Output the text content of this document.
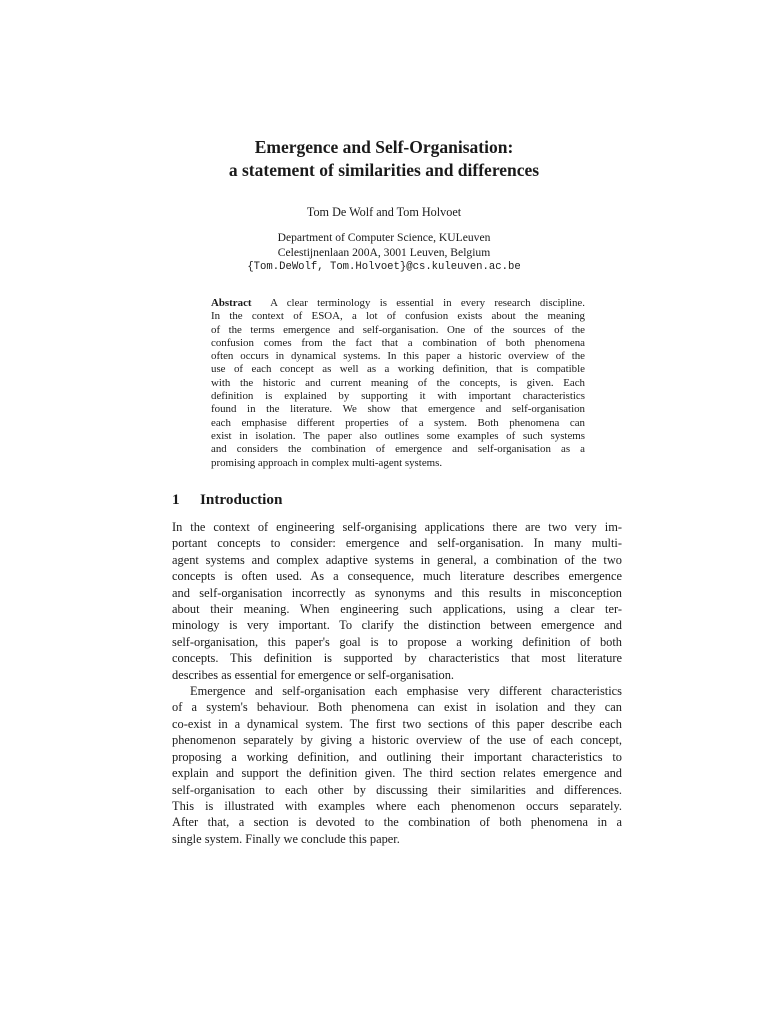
Emergence and Self-Organisation:
a statement of similarities and differences
Tom De Wolf and Tom Holvoet
Department of Computer Science, KULeuven
Celestijnenlaan 200A, 3001 Leuven, Belgium
{Tom.DeWolf, Tom.Holvoet}@cs.kuleuven.ac.be
Abstract A clear terminology is essential in every research discipline.
In the context of ESOA, a lot of confusion exists about the meaning
of the terms emergence and self-organisation. One of the sources of the
confusion comes from the fact that a combination of both phenomena
often occurs in dynamical systems. In this paper a historic overview of the
use of each concept as well as a working definition, that is compatible
with the historic and current meaning of the concepts, is given. Each
definition is explained by supporting it with important characteristics
found in the literature. We show that emergence and self-organisation
each emphasise different properties of a system. Both phenomena can
exist in isolation. The paper also outlines some examples of such systems
and considers the combination of emergence and self-organisation as a
promising approach in complex multi-agent systems.
1 Introduction
In the context of engineering self-organising applications there are two very im-
portant concepts to consider: emergence and self-organisation. In many multi-
agent systems and complex adaptive systems in general, a combination of the two
concepts is often used. As a consequence, much literature describes emergence
and self-organisation incorrectly as synonyms and this results in misconception
about their meaning. When engineering such applications, using a clear ter-
minology is very important. To clarify the distinction between emergence and
self-organisation, this paper's goal is to propose a working definition of both
concepts. This definition is supported by characteristics that most literature
describes as essential for emergence or self-organisation.
Emergence and self-organisation each emphasise very different characteristics
of a system's behaviour. Both phenomena can exist in isolation and they can
co-exist in a dynamical system. The first two sections of this paper describe each
phenomenon separately by giving a historic overview of the use of each concept,
proposing a working definition, and outlining their important characteristics to
explain and support the definition given. The third section relates emergence and
self-organisation to each other by discussing their similarities and differences.
This is illustrated with examples where each phenomenon occurs separately.
After that, a section is devoted to the combination of both phenomena in a
single system. Finally we conclude this paper.
